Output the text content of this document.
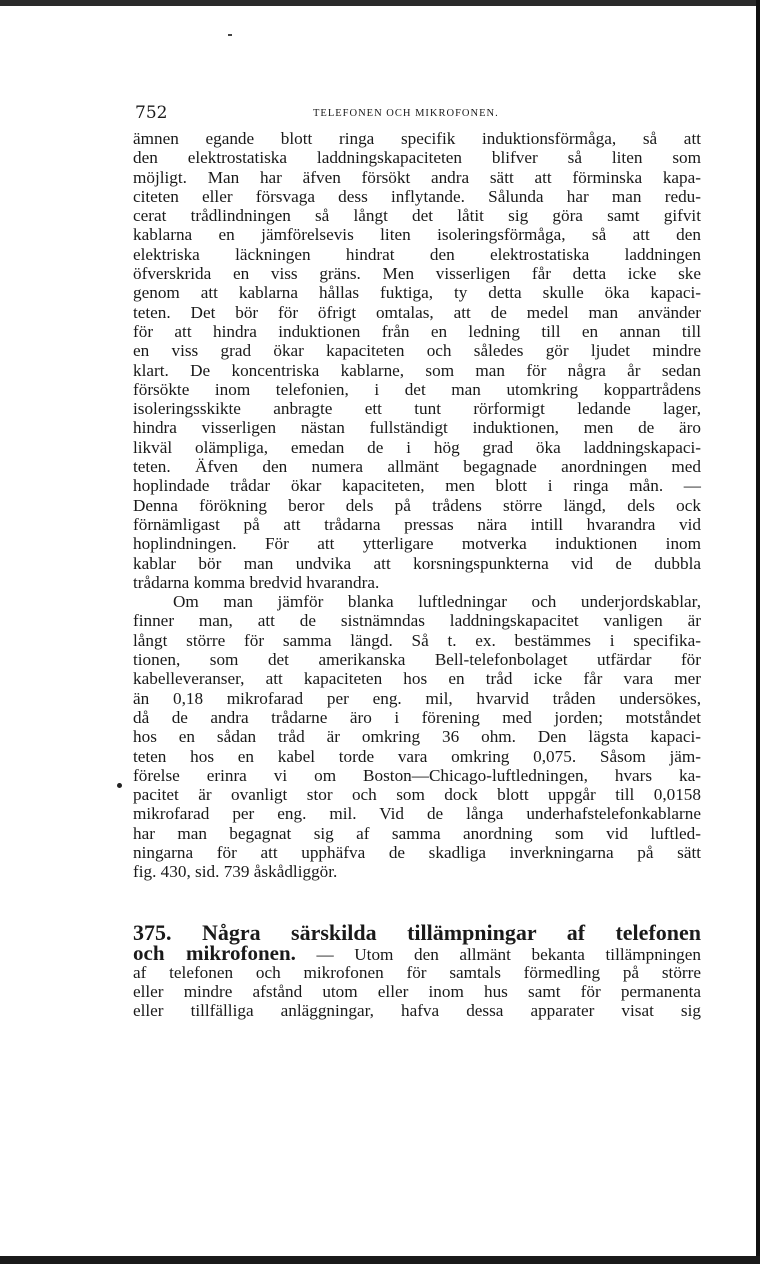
752	TELEFONEN OCH MIKROFONEN.
ämnen egande blott ringa specifik induktionsförmåga, så att
den elektrostatiska laddningskapaciteten blifver så liten som
möjligt. Man har äfven försökt andra sätt att förminska kapa-
citeten eller försvaga dess inflytande. Sålunda har man redu-
cerat trådlindningen så långt det låtit sig göra samt gifvit
kablarna en jämförelsevis liten isoleringsförmåga, så att den
elektriska läckningen hindrat den elektrostatiska laddningen
öfverskrida en viss gräns. Men visserligen får detta icke ske
genom att kablarna hållas fuktiga, ty detta skulle öka kapaci-
teten. Det bör för öfrigt omtalas, att de medel man använder
för att hindra induktionen från en ledning till en annan till
en viss grad ökar kapaciteten och således gör ljudet mindre
klart. De koncentriska kablarne, som man för några år sedan
försökte inom telefonien, i det man utomkring koppartrådens
isoleringsskikte anbragte ett tunt rörformigt ledande lager,
hindra visserligen nästan fullständigt induktionen, men de äro
likväl olämpliga, emedan de i hög grad öka laddningskapaci-
teten. Äfven den numera allmänt begagnade anordningen med
hoplindade trådar ökar kapaciteten, men blott i ringa mån. —
Denna förökning beror dels på trådens större längd, dels ock
förnämligast på att trådarna pressas nära intill hvarandra vid
hoplindningen. För att ytterligare motverka induktionen inom
kablar bör man undvika att korsningspunkterna vid de dubbla
trådarna komma bredvid hvarandra.
Om man jämför blanka luftledningar och underjordskablar,
finner man, att de sistnämndas laddningskapacitet vanligen är
långt större för samma längd. Så t. ex. bestämmes i specifika-
tionen, som det amerikanska Bell-telefonbolaget utfärdar för
kabelleveranser, att kapaciteten hos en tråd icke får vara mer
än 0,18 mikrofarad per eng. mil, hvarvid tråden undersökes,
då de andra trådarne äro i förening med jorden; motståndet
hos en sådan tråd är omkring 36 ohm. Den lägsta kapaci-
teten hos en kabel torde vara omkring 0,075. Såsom jäm-
förelse erinra vi om Boston—Chicago-luftledningen, hvars ka-
pacitet är ovanligt stor och som dock blott uppgår till 0,0158
mikrofarad per eng. mil. Vid de långa underhafstelefonkablarne
har man begagnat sig af samma anordning som vid luftled-
ningarna för att upphäfva de skadliga inverkningarna på sätt
fig. 430, sid. 739 åskådliggör.
375. Några särskilda tillämpningar af telefonen
och mikrofonen. — Utom den allmänt bekanta tillämpningen
af telefonen och mikrofonen för samtals förmedling på större
eller mindre afstånd utom eller inom hus samt för permanenta
eller tillfälliga anläggningar, hafva dessa apparater visat sig
